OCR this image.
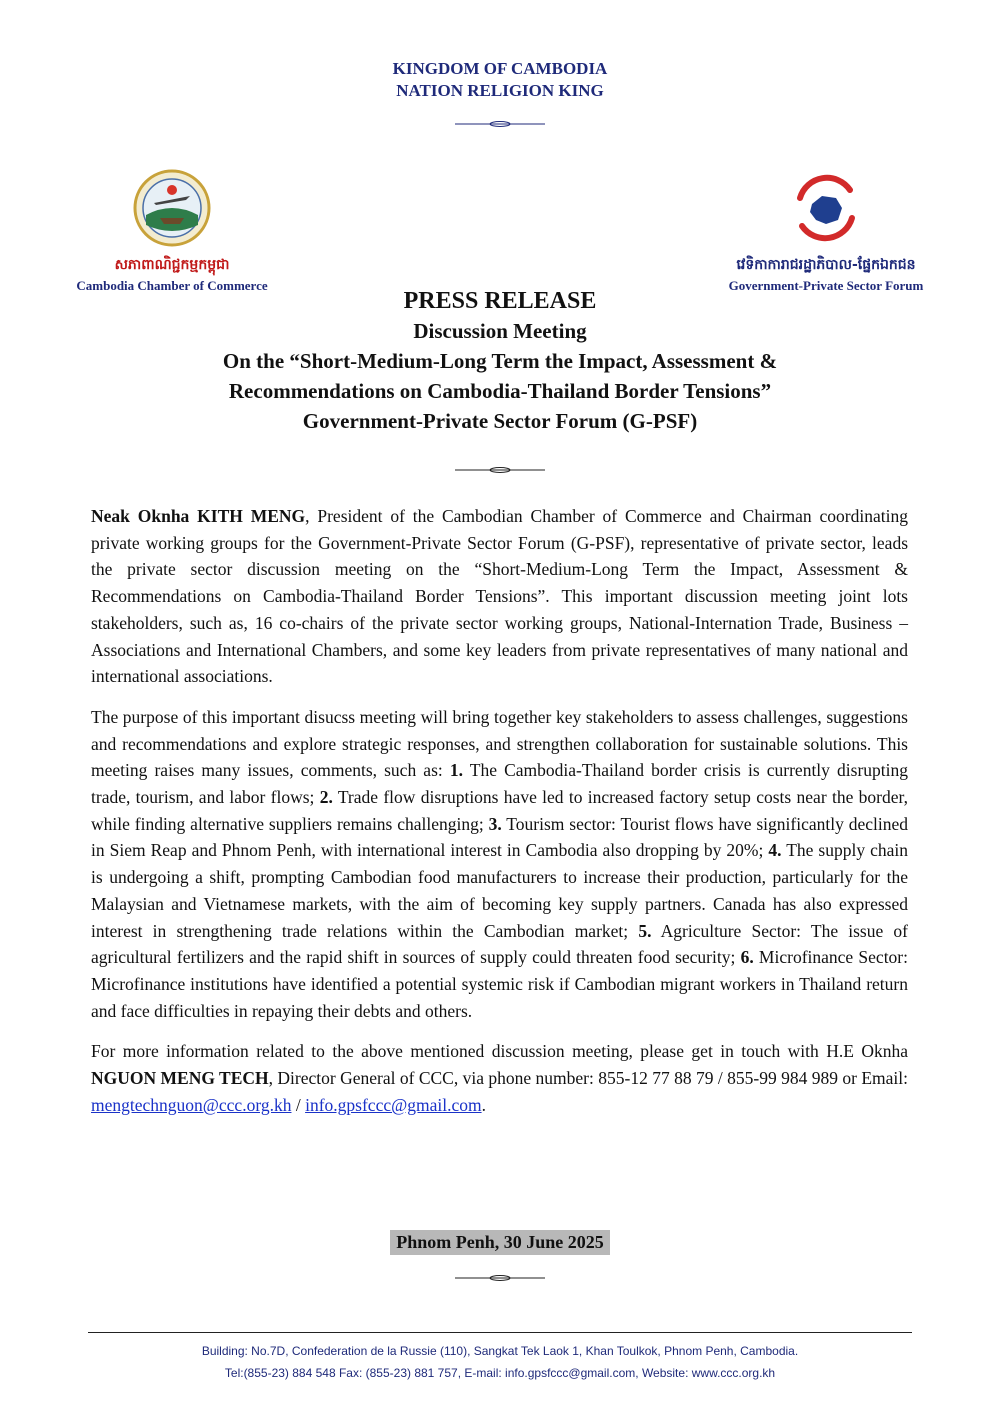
KINGDOM OF CAMBODIA
NATION RELIGION KING
សភាពាណិជ្ជកម្មកម្ពុជា
Cambodia Chamber of Commerce
វេទិកាការាជរដ្ឋាភិបាល-ផ្នែកឯកជន
Government-Private Sector Forum
PRESS RELEASE
Discussion Meeting
On the “Short-Medium-Long Term the Impact, Assessment &
Recommendations on Cambodia-Thailand Border Tensions”
Government-Private Sector Forum (G-PSF)

Neak Oknha KITH MENG, President of the Cambodian Chamber of Commerce and Chairman coordinating private working groups for the Government-Private Sector Forum (G-PSF), representative of private sector, leads the private sector discussion meeting on the “Short-Medium-Long Term the Impact, Assessment & Recommendations on Cambodia-Thailand Border Tensions”. This important discussion meeting joint lots stakeholders, such as, 16 co-chairs of the private sector working groups, National-Internation Trade, Business – Associations and International Chambers, and some key leaders from private representatives of many national and international associations.

The purpose of this important disucss meeting will bring together key stakeholders to assess challenges, suggestions and recommendations and explore strategic responses, and strengthen collaboration for sustainable solutions. This meeting raises many issues, comments, such as: 1. The Cambodia-Thailand border crisis is currently disrupting trade, tourism, and labor flows; 2. Trade flow disruptions have led to increased factory setup costs near the border, while finding alternative suppliers remains challenging; 3. Tourism sector: Tourist flows have significantly declined in Siem Reap and Phnom Penh, with international interest in Cambodia also dropping by 20%; 4. The supply chain is undergoing a shift, prompting Cambodian food manufacturers to increase their production, particularly for the Malaysian and Vietnamese markets, with the aim of becoming key supply partners. Canada has also expressed interest in strengthening trade relations within the Cambodian market; 5. Agriculture Sector: The issue of agricultural fertilizers and the rapid shift in sources of supply could threaten food security; 6. Microfinance Sector: Microfinance institutions have identified a potential systemic risk if Cambodian migrant workers in Thailand return and face difficulties in repaying their debts and others.

For more information related to the above mentioned discussion meeting, please get in touch with H.E Oknha NGUON MENG TECH, Director General of CCC, via phone number: 855-12 77 88 79 / 855-99 984 989 or Email: mengtechnguon@ccc.org.kh / info.gpsfccc@gmail.com.

Phnom Penh, 30 June 2025
Building: No.7D, Confederation de la Russie (110), Sangkat Tek Laok 1, Khan Toulkok, Phnom Penh, Cambodia.
Tel:(855-23) 884 548 Fax: (855-23) 881 757, E-mail: info.gpsfccc@gmail.com, Website: www.ccc.org.kh
